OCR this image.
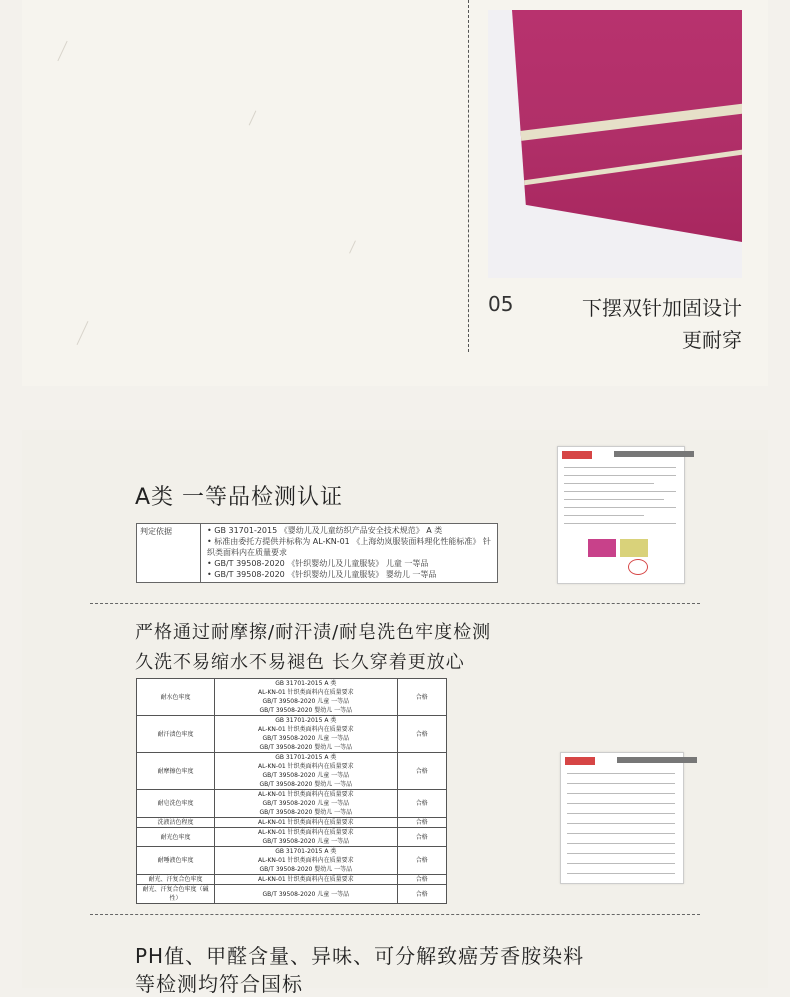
05	下摆双针加固设计
更耐穿
A类 一等品检测认证
判定依据	• GB 31701-2015 《婴幼儿及儿童纺织产品安全技术规范》 A 类
• 标准由委托方提供并标称为 AL-KN-01 《上海幼岚服装面料理化性能标准》 针织类面料内在质量要求
• GB/T 39508-2020 《针织婴幼儿及儿童服装》 儿童 一等品
• GB/T 39508-2020 《针织婴幼儿及儿童服装》 婴幼儿 一等品
严格通过耐摩擦/耐汗渍/耐皂洗色牢度检测
久洗不易缩水不易褪色 长久穿着更放心
耐水色牢度	GB 31701-2015 A 类
AL-KN-01 针织类面料内在质量要求
GB/T 39508-2020 儿童 一等品
GB/T 39508-2020 婴幼儿 一等品	合格
耐汗渍色牢度	GB 31701-2015 A 类
AL-KN-01 针织类面料内在质量要求
GB/T 39508-2020 儿童 一等品
GB/T 39508-2020 婴幼儿 一等品	合格
耐摩擦色牢度	GB 31701-2015 A 类
AL-KN-01 针织类面料内在质量要求
GB/T 39508-2020 儿童 一等品
GB/T 39508-2020 婴幼儿 一等品	合格
耐皂洗色牢度	AL-KN-01 针织类面料内在质量要求
GB/T 39508-2020 儿童 一等品
GB/T 39508-2020 婴幼儿 一等品	合格
洗液沾色程度	AL-KN-01 针织类面料内在质量要求	合格
耐光色牢度	AL-KN-01 针织类面料内在质量要求
GB/T 39508-2020 儿童 一等品	合格
耐唾液色牢度	GB 31701-2015 A 类
AL-KN-01 针织类面料内在质量要求
GB/T 39508-2020 婴幼儿 一等品	合格
耐光、汗复合色牢度	AL-KN-01 针织类面料内在质量要求	合格
耐光、汗复合色牢度（碱性）	GB/T 39508-2020 儿童 一等品	合格
PH值、甲醛含量、异味、可分解致癌芳香胺染料
等检测均符合国标
